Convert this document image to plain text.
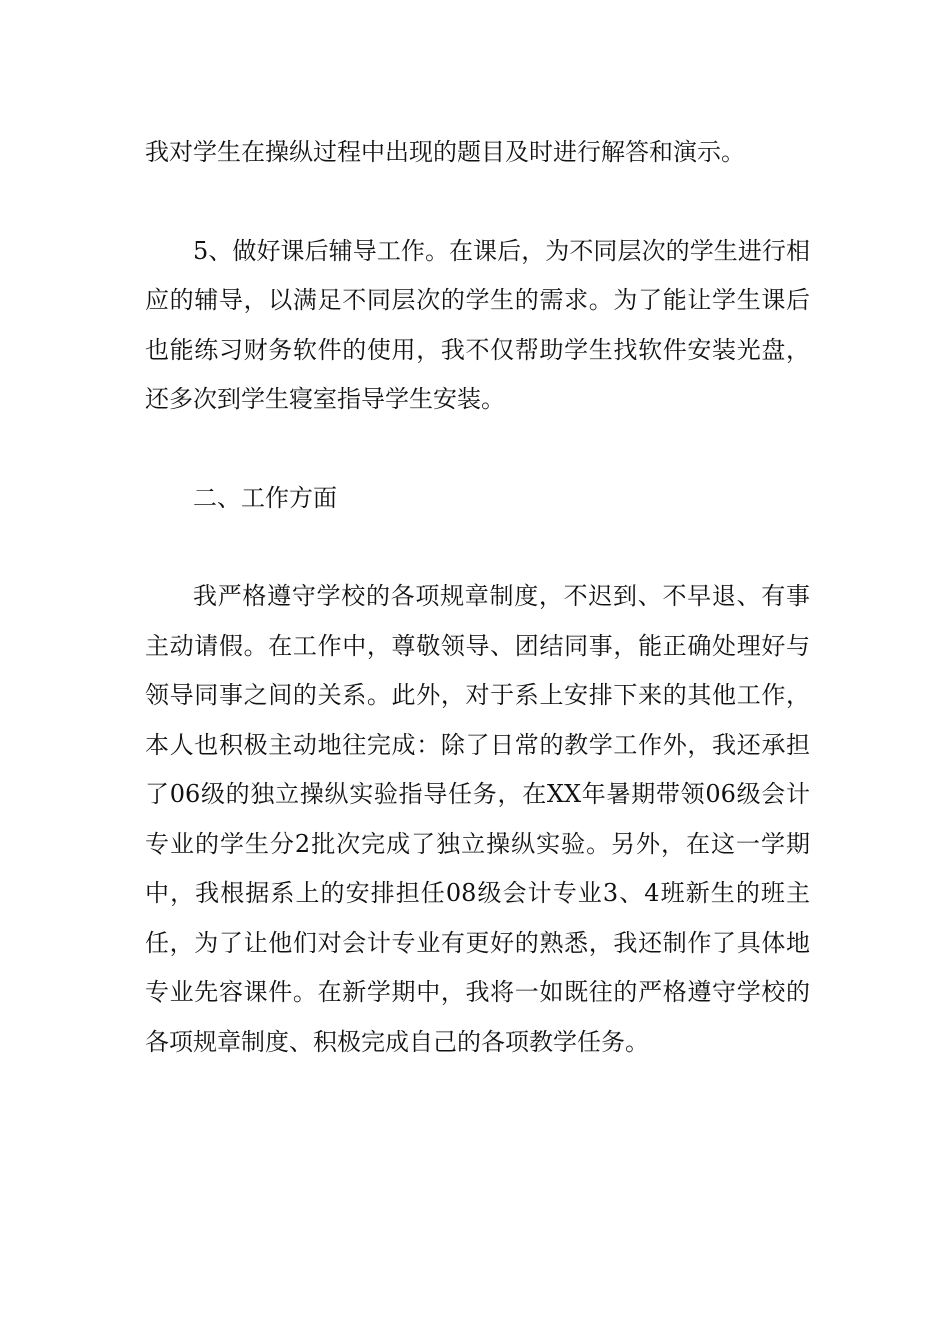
我对学生在操纵过程中出现的题目及时进行解答和演示。

5、做好课后辅导工作。在课后，为不同层次的学生进行相应的辅导，以满足不同层次的学生的需求。为了能让学生课后也能练习财务软件的使用，我不仅帮助学生找软件安装光盘，还多次到学生寝室指导学生安装。

二、工作方面

我严格遵守学校的各项规章制度，不迟到、不早退、有事主动请假。在工作中，尊敬领导、团结同事，能正确处理好与领导同事之间的关系。此外，对于系上安排下来的其他工作，本人也积极主动地往完成：除了日常的教学工作外，我还承担了06级的独立操纵实验指导任务，在XX年暑期带领06级会计专业的学生分2批次完成了独立操纵实验。另外，在这一学期中，我根据系上的安排担任08级会计专业3、4班新生的班主任，为了让他们对会计专业有更好的熟悉，我还制作了具体地专业先容课件。在新学期中，我将一如既往的严格遵守学校的各项规章制度、积极完成自己的各项教学任务。
